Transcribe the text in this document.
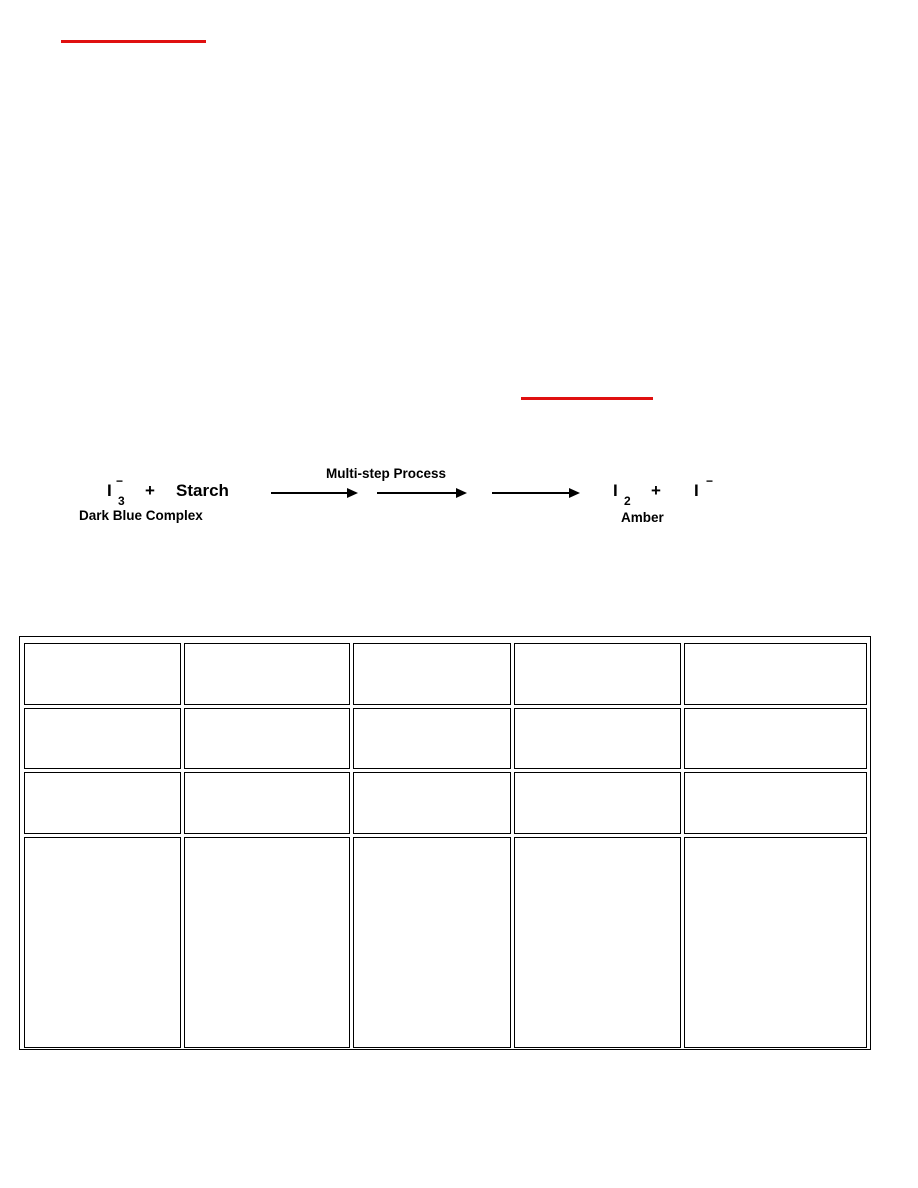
I
3
− + Starch
Multi-step Process
I
2
+ I −
Dark Blue Complex	Amber
